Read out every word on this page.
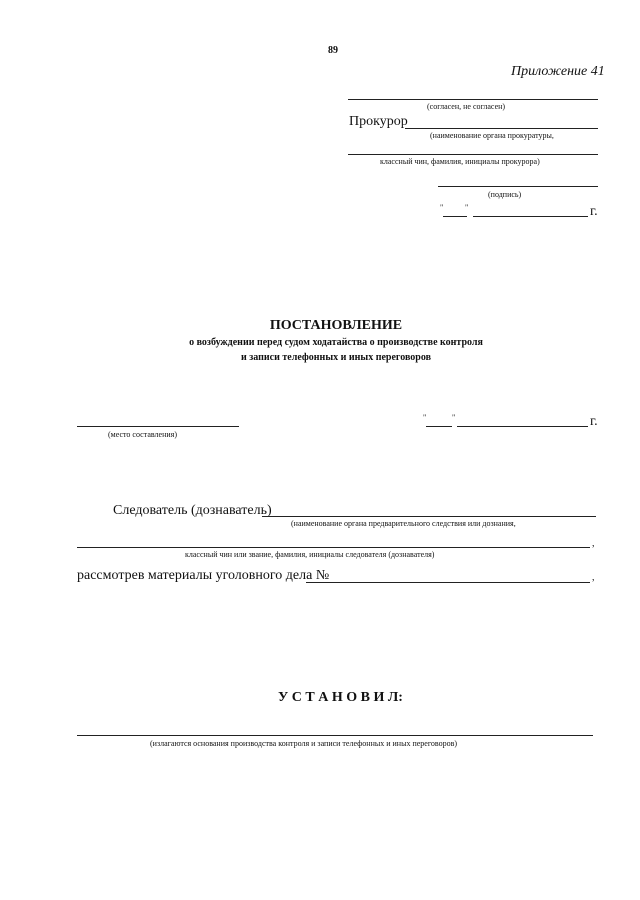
89
Приложение 41
(согласен, не согласен)
Прокурор
(наименование органа прокуратуры,
классный чин, фамилия, инициалы прокурора)
(подпись)
"	"	г.
ПОСТАНОВЛЕНИЕ
о возбуждении перед судом ходатайства о производстве контроля
и записи телефонных и иных переговоров
(место составления)
"	"	г.
Следователь (дознаватель)
(наименование органа предварительного следствия или дознания,
,
классный чин или звание, фамилия, инициалы следователя (дознавателя)
рассмотрев материалы уголовного дела №	,
У С Т А Н О В И Л:
(излагаются основания производства контроля и записи телефонных и иных переговоров)
